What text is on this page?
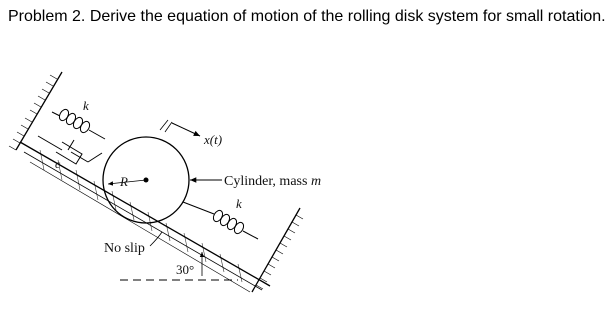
Problem 2. Derive the equation of motion of the rolling disk system for small rotation.
k
c
R
x(t)
Cylinder, mass m
k
No slip
30°
